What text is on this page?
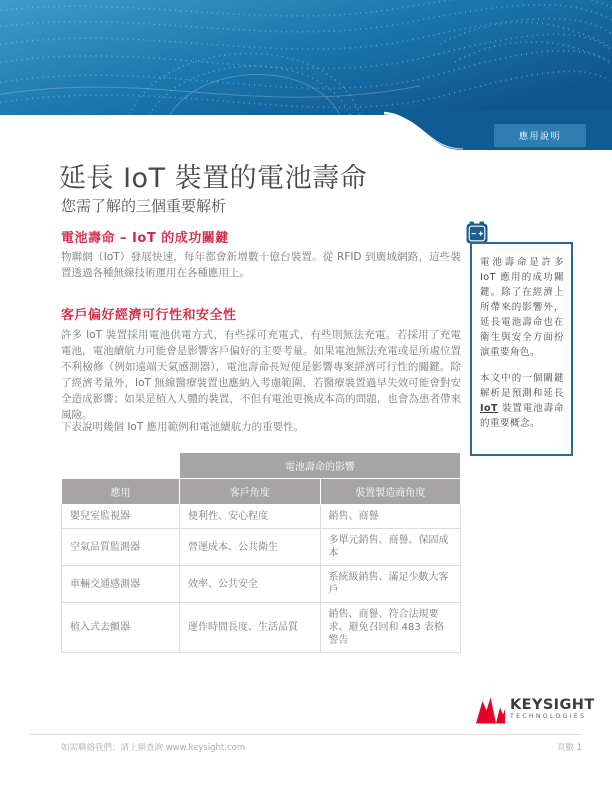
應用說明
延長 IoT 裝置的電池壽命
您需了解的三個重要解析
電池壽命 – IoT 的成功關鍵
物聯網（IoT）發展快速，每年都會新增數十億台裝置。從 RFID 到廣域網路，這些裝置透過各種無線技術運用在各種應用上。
客戶偏好經濟可行性和安全性
許多 IoT 裝置採用電池供電方式，有些採可充電式，有些則無法充電。若採用了充電電池，電池續航力可能會是影響客戶偏好的主要考量。如果電池無法充電或是所處位置不利檢修（例如遠端天氣感測器），電池壽命長短便是影響專案經濟可行性的關鍵。除了經濟考量外，IoT 無線醫療裝置也應納入考慮範圍，若醫療裝置過早失效可能會對安全造成影響；如果是植入人體的裝置，不但有電池更換成本高的問題，也會為患者帶來風險。
下表說明幾個 IoT 應用範例和電池續航力的重要性。
	電池壽命的影響	
應用	客戶角度	裝置製造商角度
嬰兒室監視器	便利性、安心程度	銷售、商譽
空氣品質監測器	營運成本、公共衛生	多單元銷售、商譽、保固成本
車輛交通感測器	效率、公共安全	系統級銷售、滿足少數大客戶
植入式去顫器	運作時間長度、生活品質	銷售、商譽、符合法規要求、避免召回和 483 表格警告

電池壽命是許多 IoT 應用的成功關鍵。除了在經濟上所帶來的影響外，延長電池壽命也在衛生與安全方面扮演重要角色。

本文中的一個關鍵解析是預測和延長 IoT 裝置電池壽命的重要概念。

KEYSIGHT
TECHNOLOGIES
如需聯絡我們：請上網查詢 www.keysight.com	頁數 1
